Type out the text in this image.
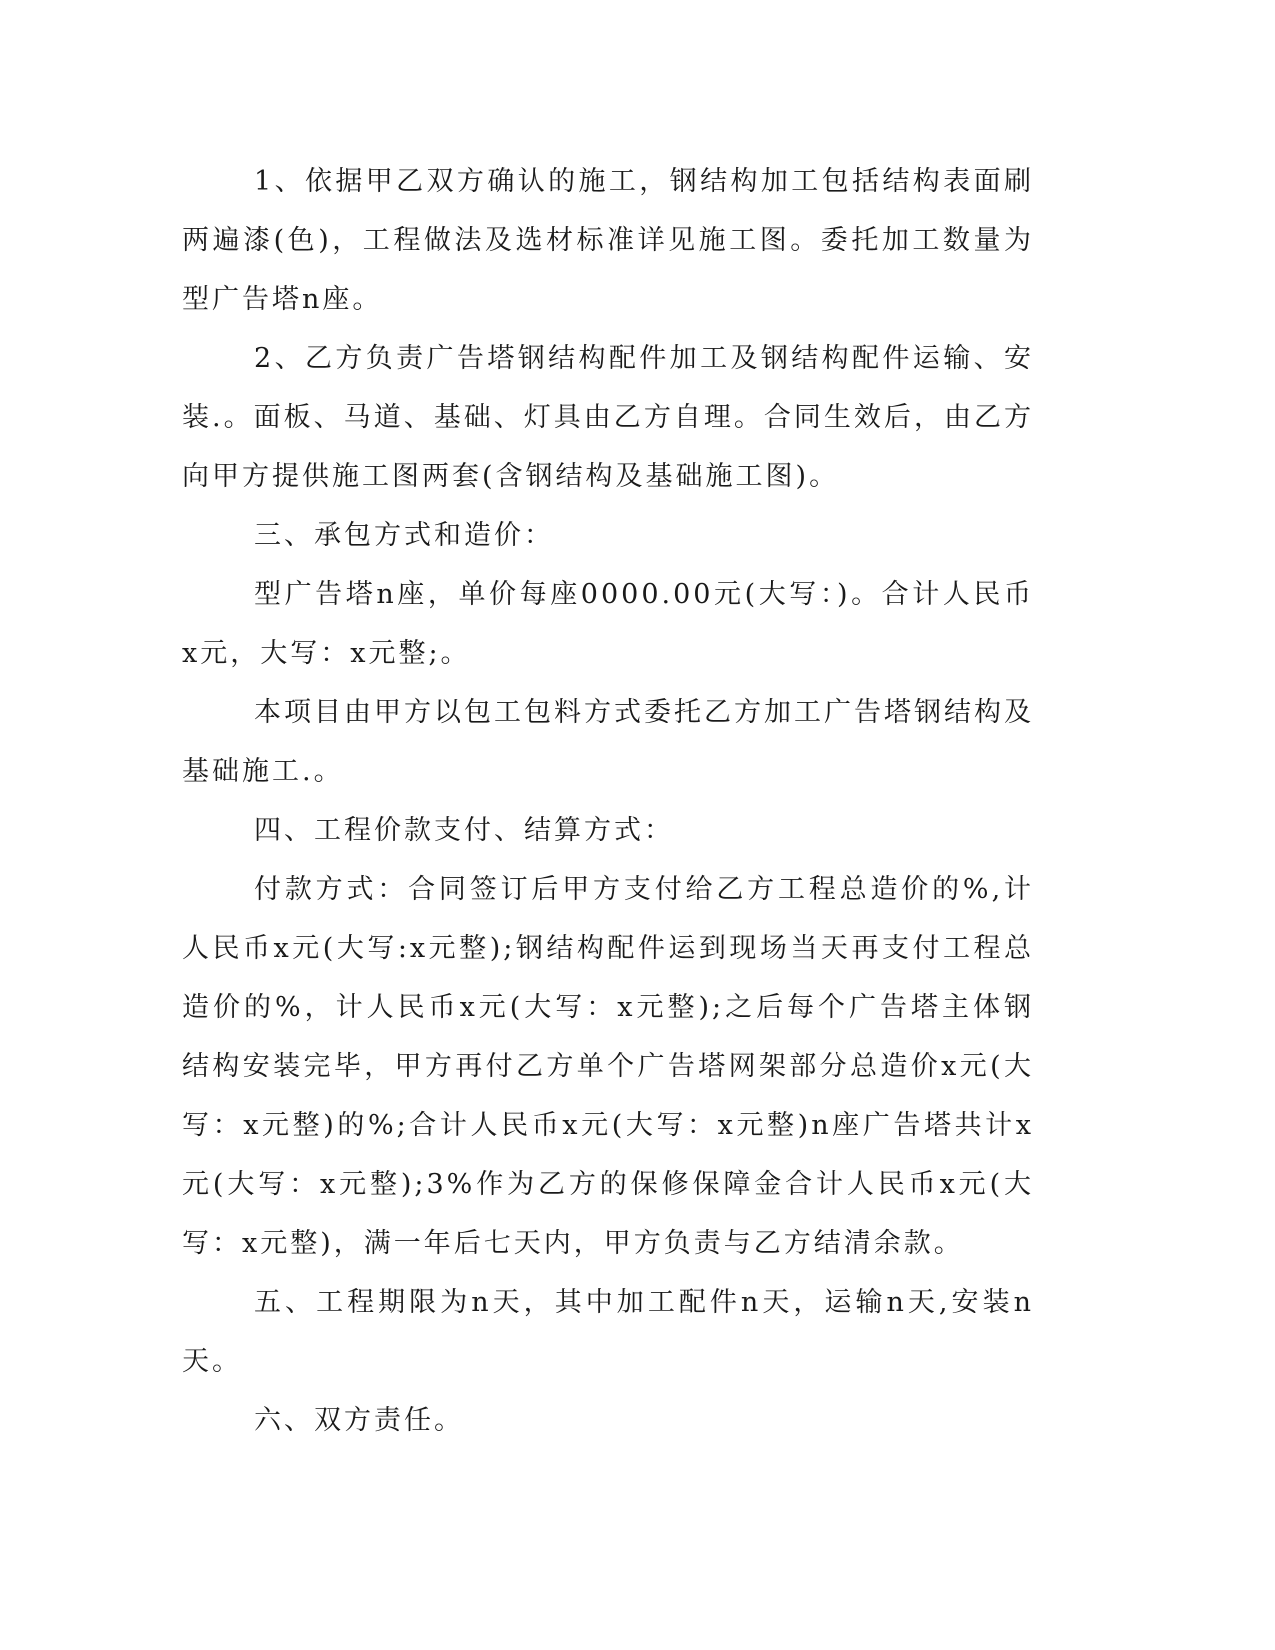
1、依据甲乙双方确认的施工，钢结构加工包括结构表面刷两遍漆(色)，工程做法及选材标准详见施工图。委托加工数量为型广告塔n座。

2、乙方负责广告塔钢结构配件加工及钢结构配件运输、安装.。面板、马道、基础、灯具由乙方自理。合同生效后，由乙方向甲方提供施工图两套(含钢结构及基础施工图)。

三、承包方式和造价：

型广告塔n座，单价每座0000.00元(大写：)。合计人民币x元，大写：x元整;。

本项目由甲方以包工包料方式委托乙方加工广告塔钢结构及基础施工.。

四、工程价款支付、结算方式：

付款方式：合同签订后甲方支付给乙方工程总造价的%,计人民币x元(大写:x元整);钢结构配件运到现场当天再支付工程总造价的%，计人民币x元(大写：x元整);之后每个广告塔主体钢结构安装完毕，甲方再付乙方单个广告塔网架部分总造价x元(大写：x元整)的%;合计人民币x元(大写：x元整)n座广告塔共计x元(大写：x元整);3%作为乙方的保修保障金合计人民币x元(大写：x元整)，满一年后七天内，甲方负责与乙方结清余款。

五、工程期限为n天，其中加工配件n天，运输n天,安装n天。

六、双方责任。
